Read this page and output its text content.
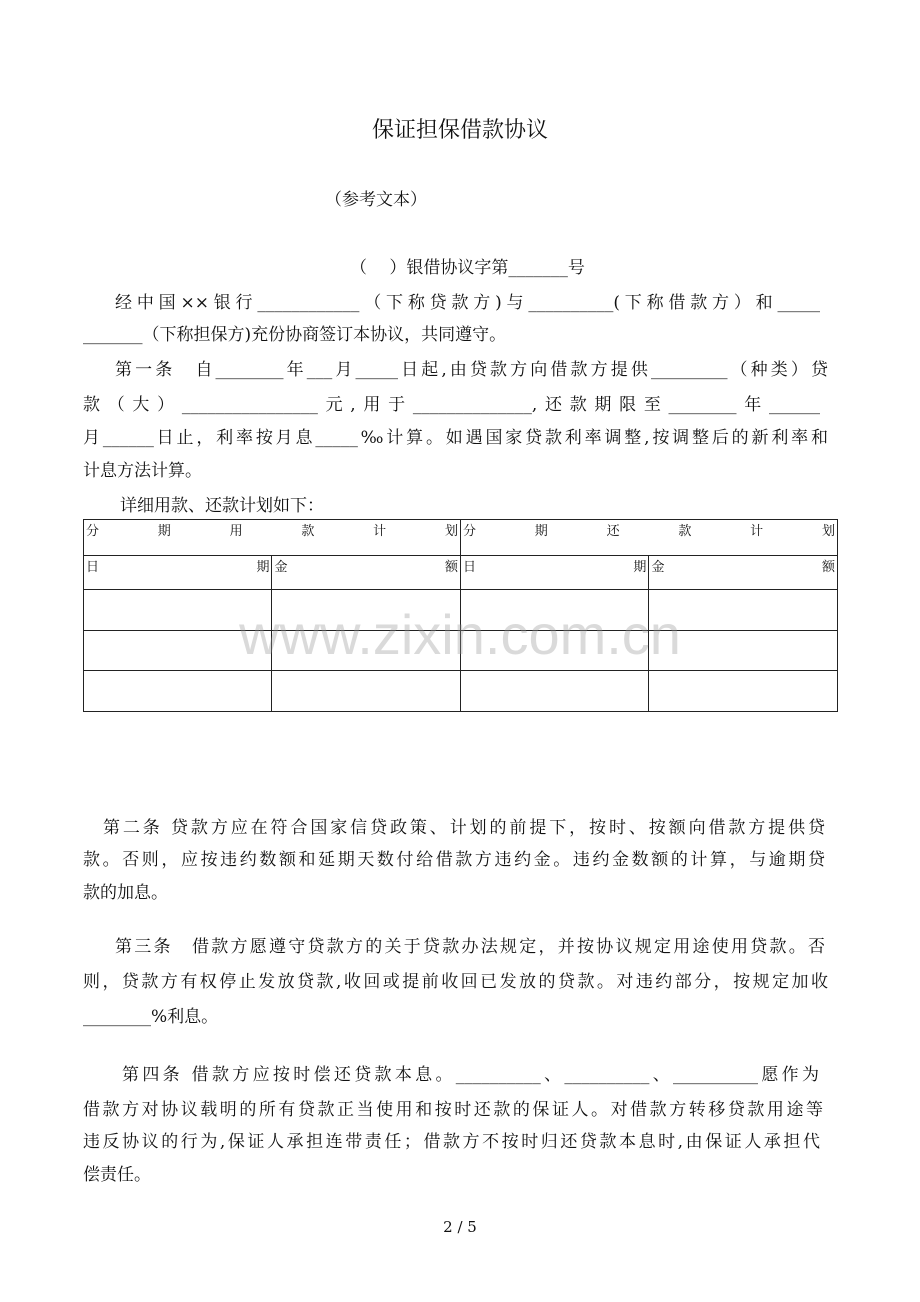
保证担保借款协议
（参考文本）
（　 ）银借协议字第_______号
经中国××银行____________（下称贷款方)与__________(下称借款方）和_____
_______（下称担保方)充份协商签订本协议，共同遵守。
第一条　自________年___月_____日起,由贷款方向借款方提供_________（种类）贷
款（大）________________元,用于______________,还款期限至________年______
月______日止，利率按月息_____‰计算。如遇国家贷款利率调整,按调整后的新利率和
计息方法计算。
详细用款、还款计划如下：
分期用款计划		分期还款计划	
日期	金额	日期	金额

www.zixin.com.cn
第二条 贷款方应在符合国家信贷政策、计划的前提下，按时、按额向借款方提供贷
款。否则，应按违约数额和延期天数付给借款方违约金。违约金数额的计算，与逾期贷
款的加息。
第三条　借款方愿遵守贷款方的关于贷款办法规定，并按协议规定用途使用贷款。否
则，贷款方有权停止发放贷款,收回或提前收回已发放的贷款。对违约部分，按规定加收
________%利息。
第四条 借款方应按时偿还贷款本息。__________、__________、__________愿作为
借款方对协议载明的所有贷款正当使用和按时还款的保证人。对借款方转移贷款用途等
违反协议的行为,保证人承担连带责任；借款方不按时归还贷款本息时,由保证人承担代
偿责任。
2 / 5
